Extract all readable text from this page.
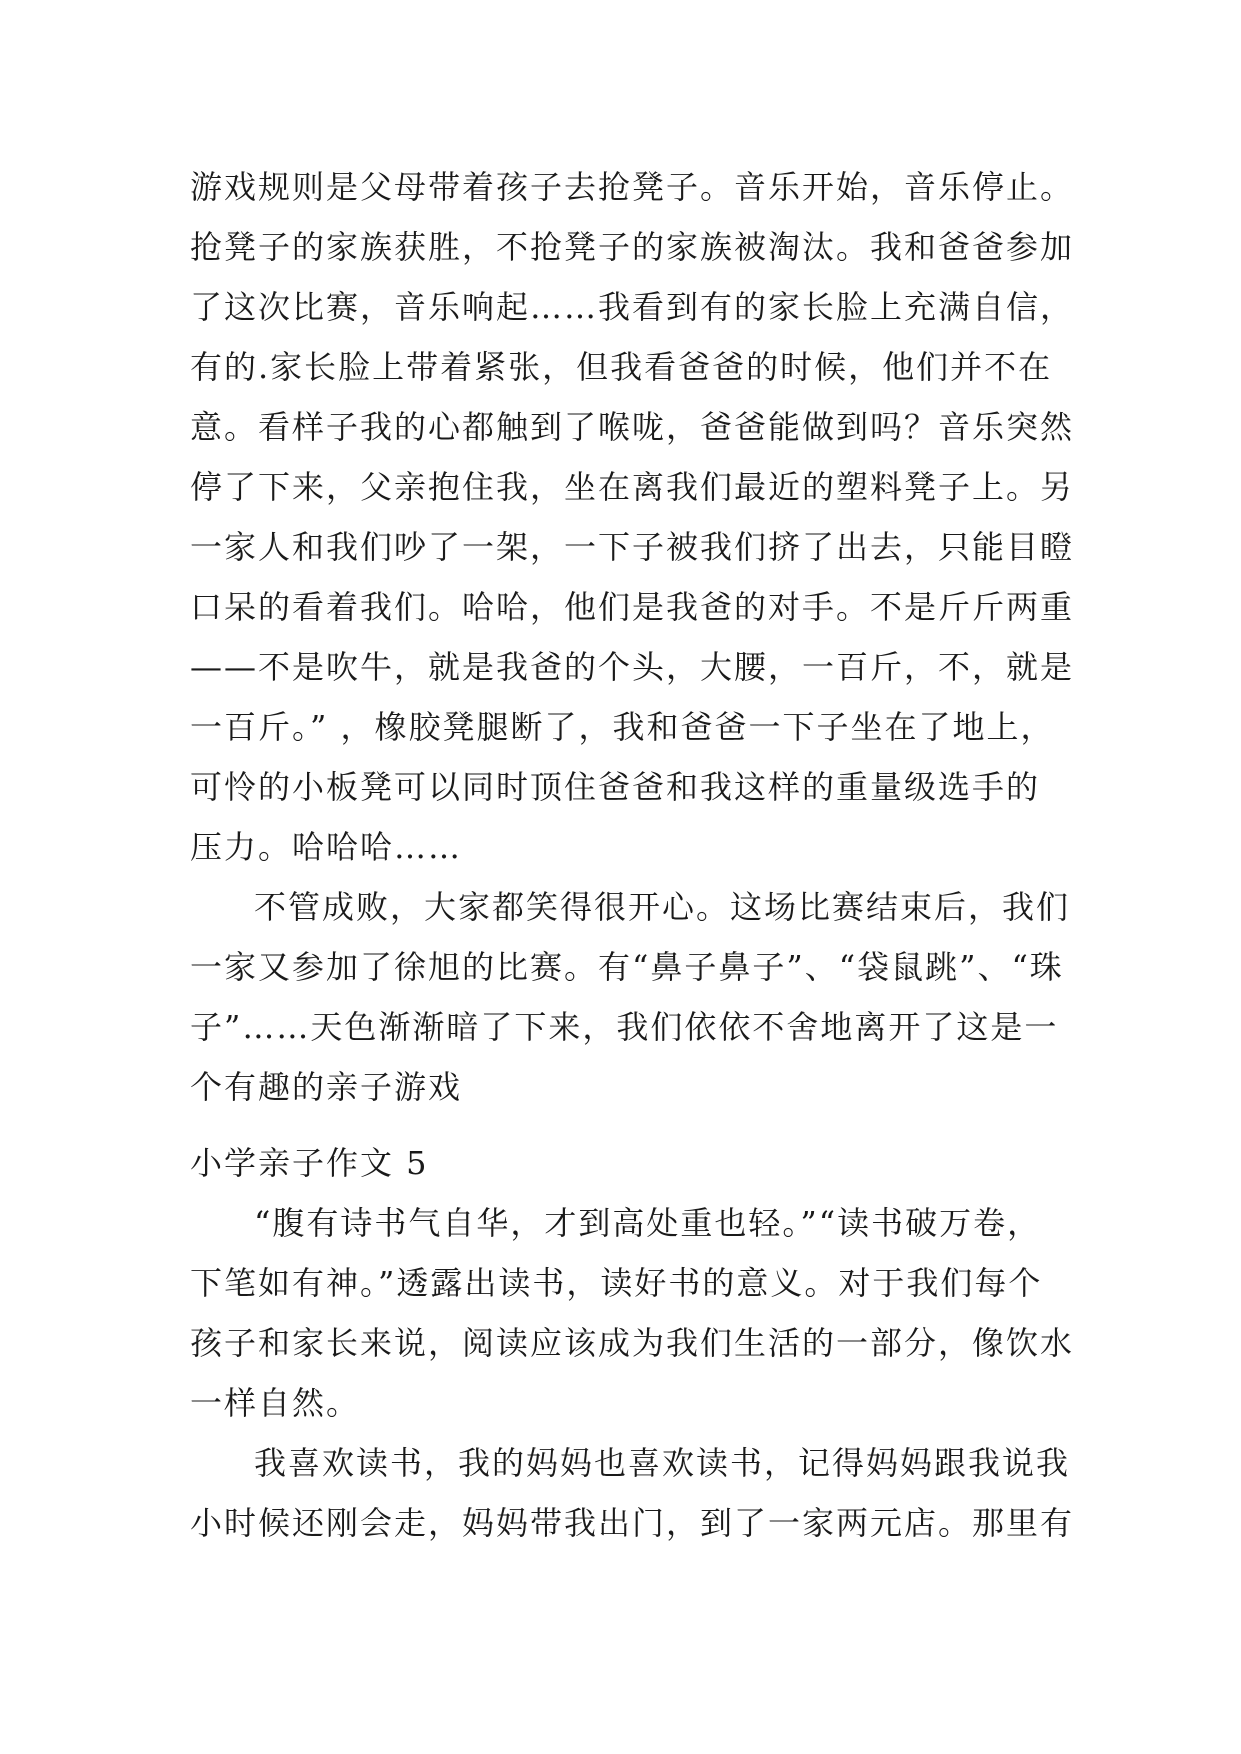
游戏规则是父母带着孩子去抢凳子。音乐开始，音乐停止。
抢凳子的家族获胜，不抢凳子的家族被淘汰。我和爸爸参加
了这次比赛，音乐响起……我看到有的家长脸上充满自信，
有的.家长脸上带着紧张，但我看爸爸的时候，他们并不在
意。看样子我的心都触到了喉咙，爸爸能做到吗？音乐突然
停了下来，父亲抱住我，坐在离我们最近的塑料凳子上。另
一家人和我们吵了一架，一下子被我们挤了出去，只能目瞪
口呆的看着我们。哈哈，他们是我爸的对手。不是斤斤两重
——不是吹牛，就是我爸的个头，大腰，一百斤，不，就是
一百斤。” ，橡胶凳腿断了，我和爸爸一下子坐在了地上，
可怜的小板凳可以同时顶住爸爸和我这样的重量级选手的
压力。哈哈哈……
不管成败，大家都笑得很开心。这场比赛结束后，我们
一家又参加了徐旭的比赛。有“鼻子鼻子”、“袋鼠跳”、“珠
子”……天色渐渐暗了下来，我们依依不舍地离开了这是一
个有趣的亲子游戏
小学亲子作文 5
“腹有诗书气自华，才到高处重也轻。”“读书破万卷，
下笔如有神。”透露出读书，读好书的意义。对于我们每个
孩子和家长来说，阅读应该成为我们生活的一部分，像饮水
一样自然。
我喜欢读书，我的妈妈也喜欢读书，记得妈妈跟我说我
小时候还刚会走，妈妈带我出门，到了一家两元店。那里有
